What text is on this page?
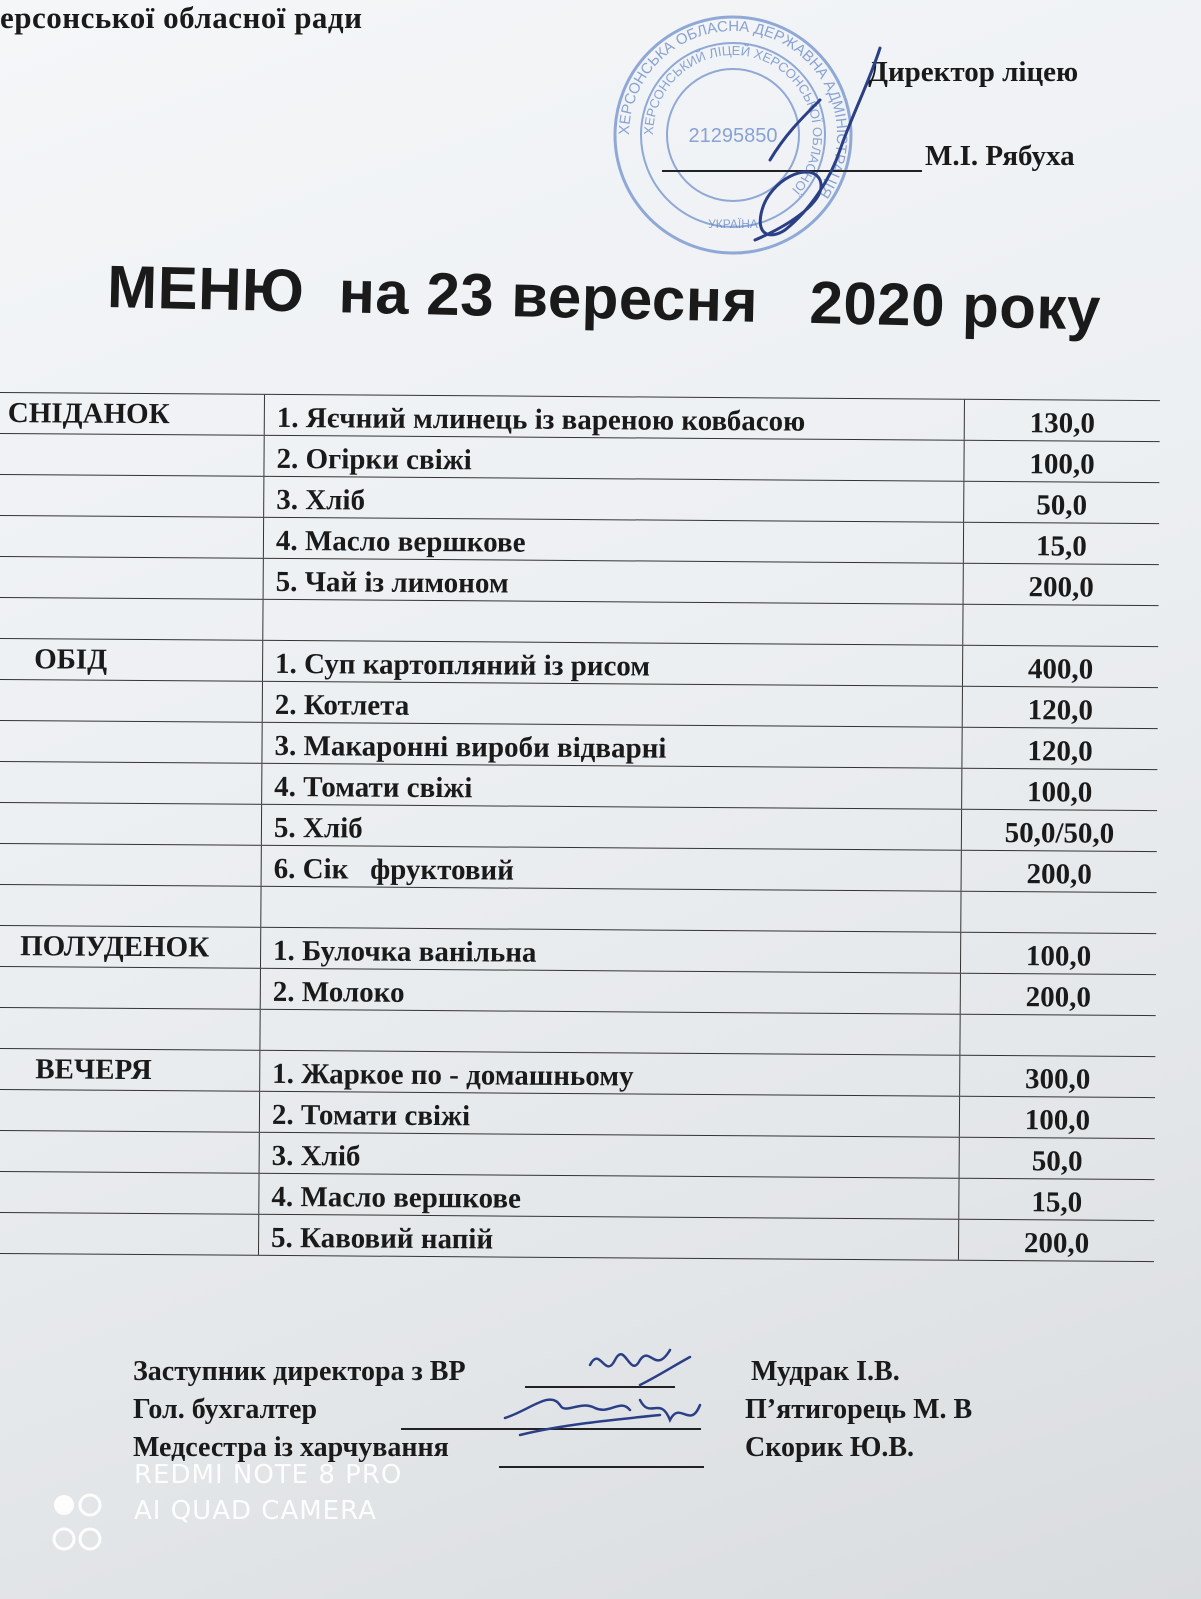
ерсонської обласної ради
ХЕРСОНСЬКА ОБЛАСНА ДЕРЖАВНА АДМІНІСТРАЦІЯ
ХЕРСОНСЬКИЙ ЛІЦЕЙ ХЕРСОНСЬКОЇ ОБЛАСНОЇ
21295850
УКРАЇНА
Директор ліцею
М.І. Рябуха
МЕНЮ  на 23 вересня   2020 року
СНІДАНОК	1. Яєчний млинець із вареною ковбасою	130,0
2. Огірки свіжі	100,0
3. Хліб	50,0
4. Масло вершкове	15,0
5. Чай із лимоном	200,0
ОБІД	1. Суп картопляний із рисом	400,0
2. Котлета	120,0
3. Макаронні вироби відварні	120,0
4. Томати свіжі	100,0
5. Хліб	50,0/50,0
6. Сік   фруктовий	200,0
ПОЛУДЕНОК	1. Булочка ванільна	100,0
2. Молоко	200,0
ВЕЧЕРЯ	1. Жаркое по - домашньому	300,0
2. Томати свіжі	100,0
3. Хліб	50,0
4. Масло вершкове	15,0
5. Кавовий напій	200,0
Заступник директора з ВР	Мудрак І.В.
Гол. бухгалтер	П’ятигорець М. В
Медсестра із харчування	Скорик Ю.В.
REDMI NOTE 8 PRO
AI QUAD CAMERA
